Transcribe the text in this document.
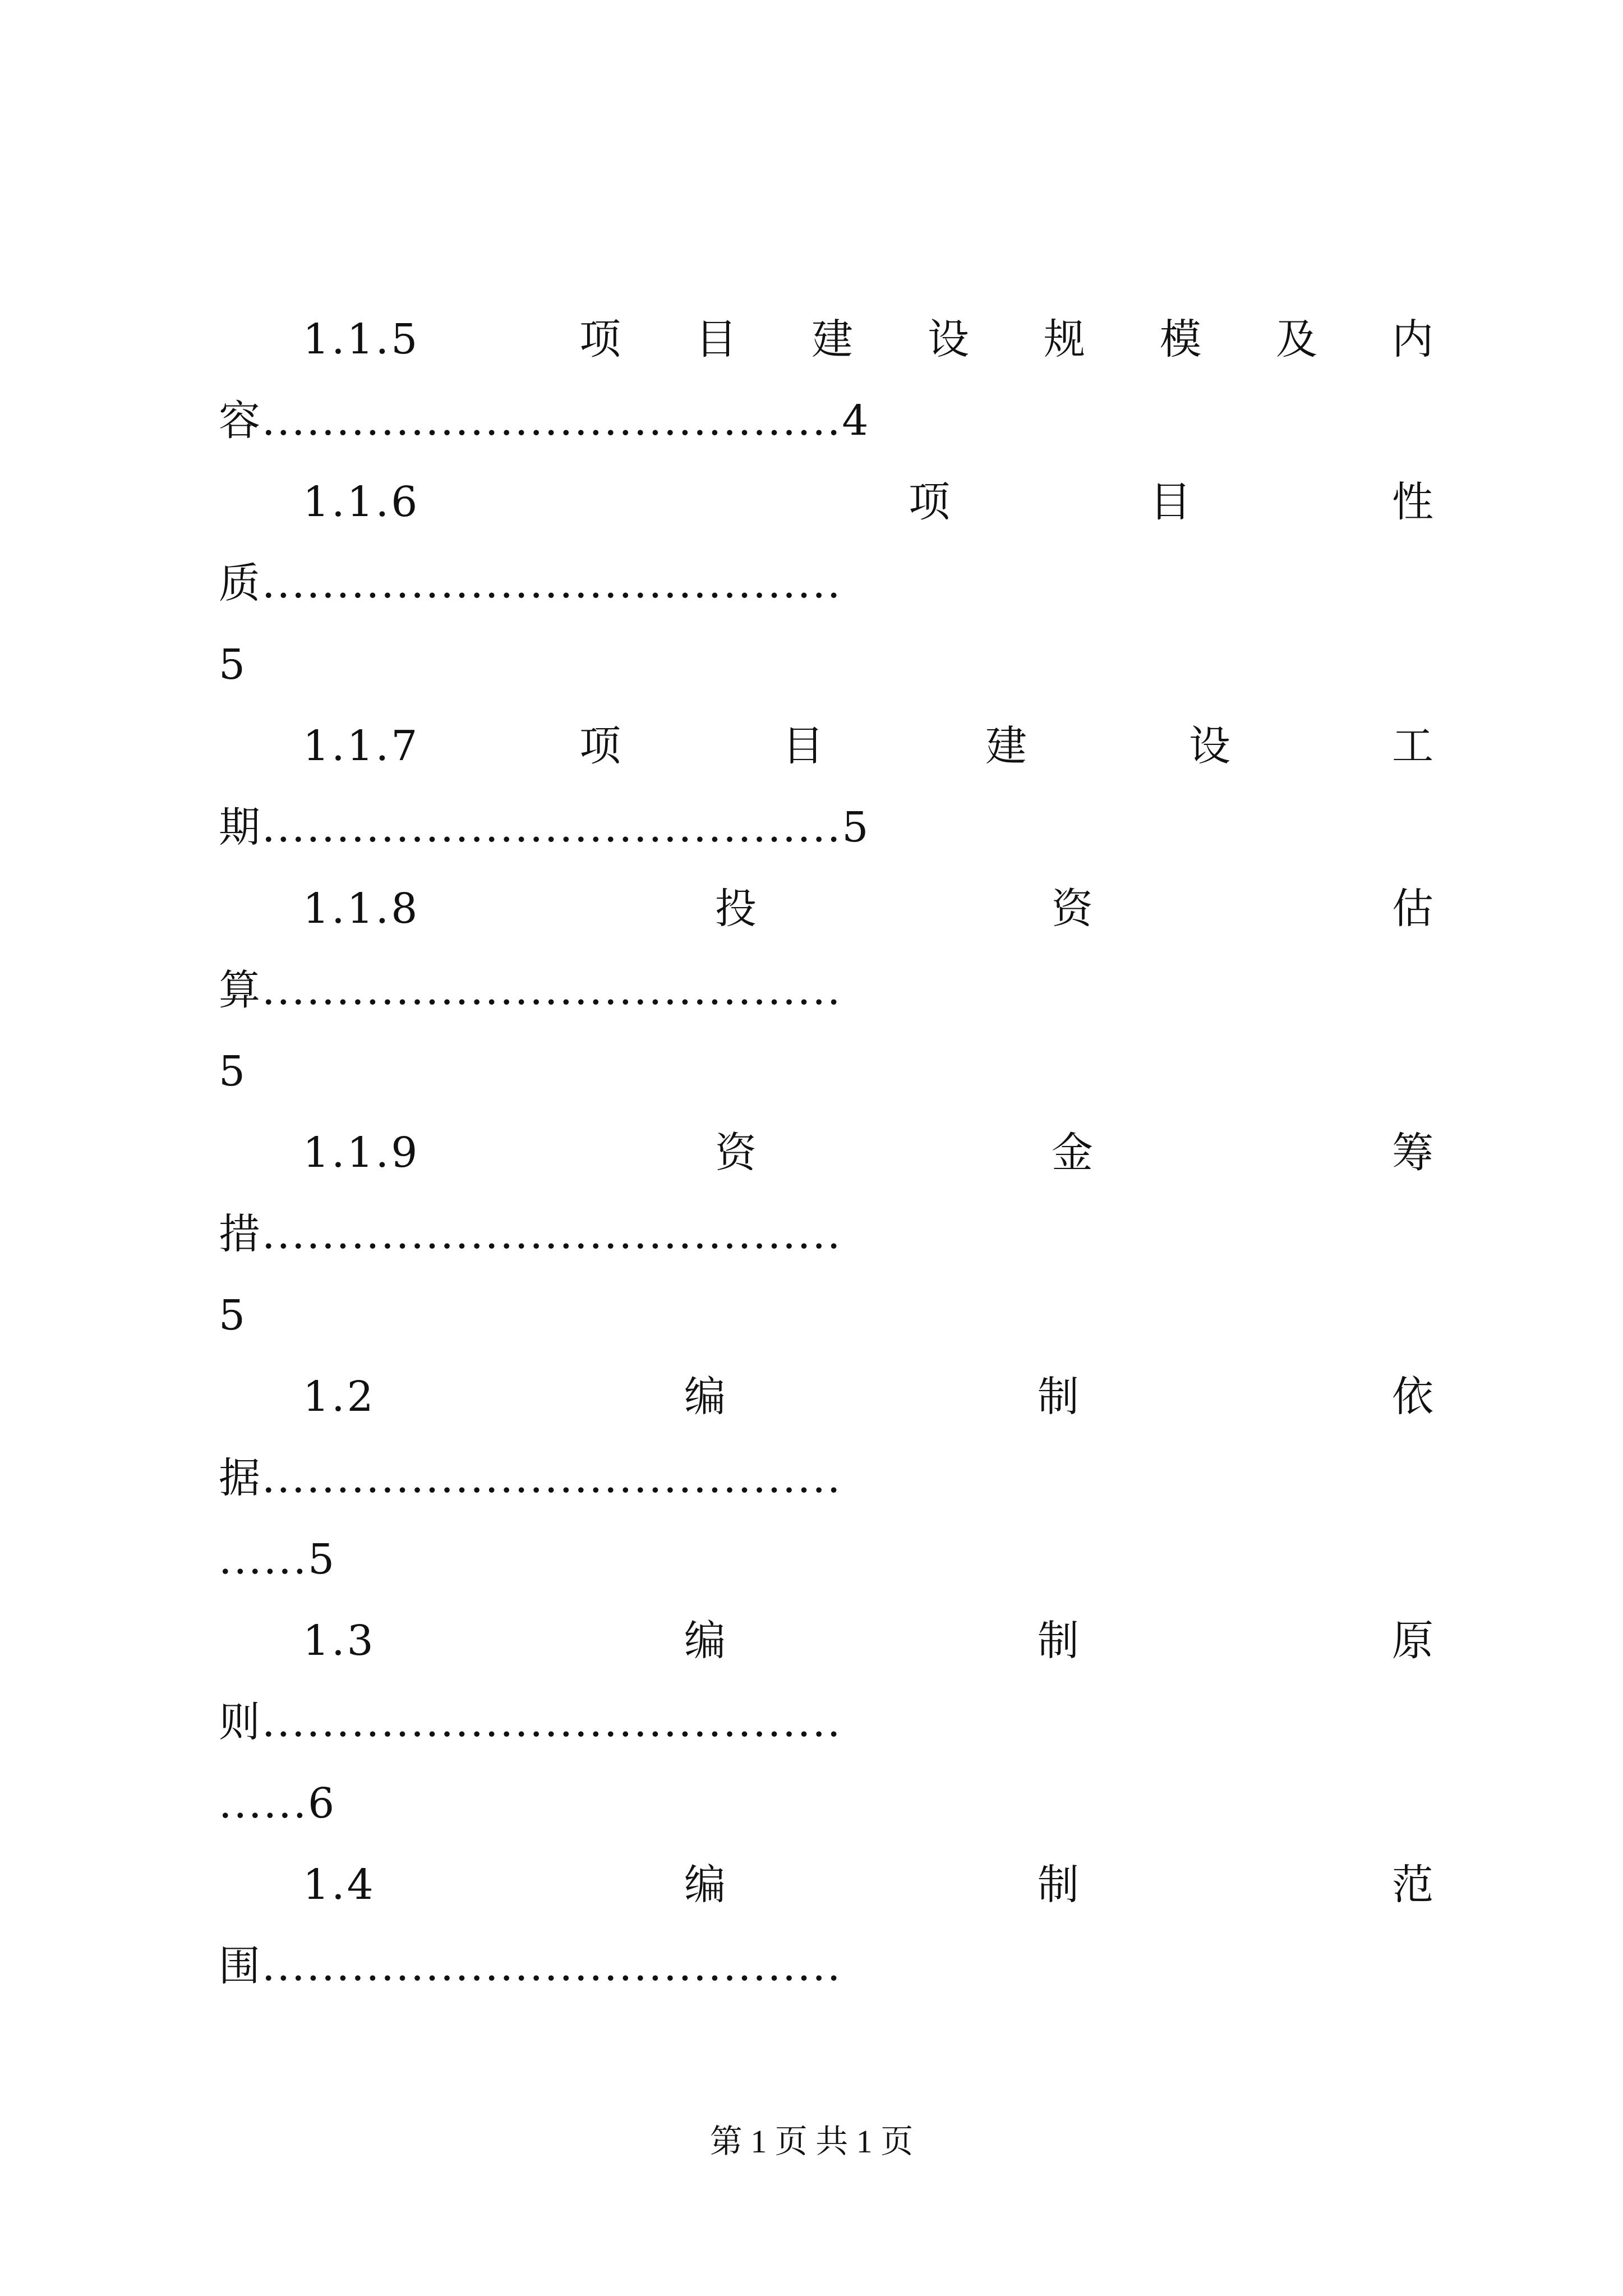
1.1.5	项 目 建 设 规 模 及 内
容.......................................4
1.1.6	项	目	性
质.......................................
5
1.1.7	项	目	建	设	工
期.......................................5
1.1.8	投	资	估
算.......................................
5
1.1.9	资	金	筹
措.......................................
5
1.2	编	制	依
据.......................................
......5
1.3	编	制	原
则.......................................
......6
1.4	编	制	范
围.......................................
第 1 页 共 1 页
